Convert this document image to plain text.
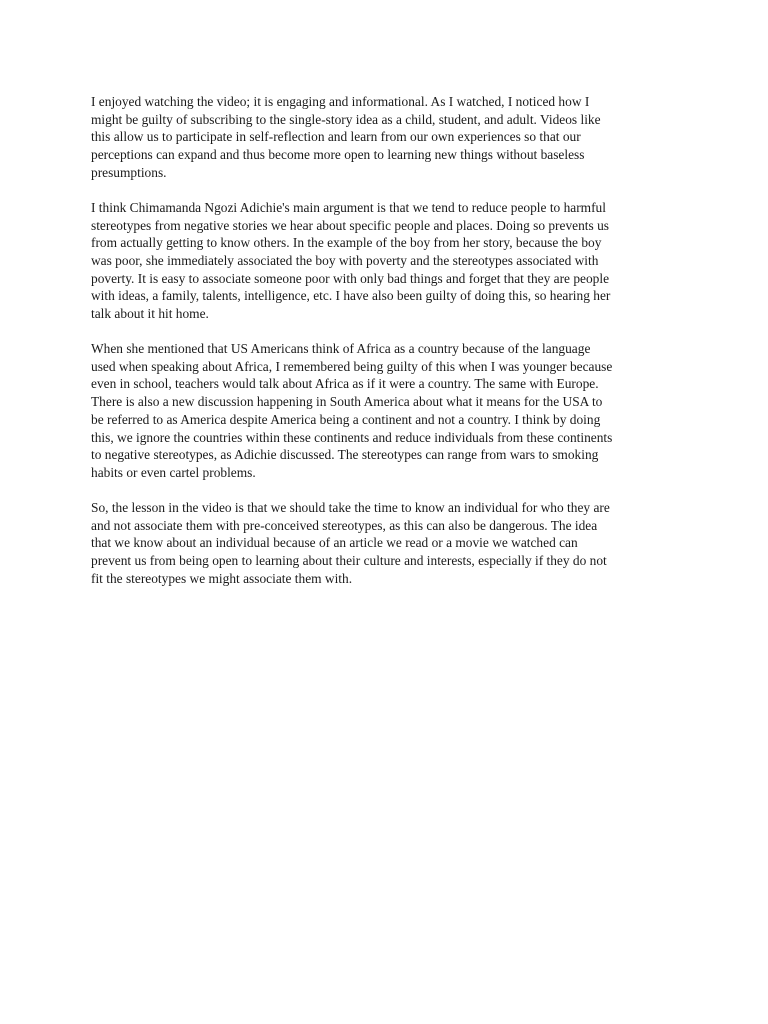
I enjoyed watching the video; it is engaging and informational. As I watched, I noticed how I
might be guilty of subscribing to the single-story idea as a child, student, and adult. Videos like
this allow us to participate in self-reflection and learn from our own experiences so that our
perceptions can expand and thus become more open to learning new things without baseless
presumptions.

I think Chimamanda Ngozi Adichie's main argument is that we tend to reduce people to harmful
stereotypes from negative stories we hear about specific people and places. Doing so prevents us
from actually getting to know others. In the example of the boy from her story, because the boy
was poor, she immediately associated the boy with poverty and the stereotypes associated with
poverty. It is easy to associate someone poor with only bad things and forget that they are people
with ideas, a family, talents, intelligence, etc. I have also been guilty of doing this, so hearing her
talk about it hit home.

When she mentioned that US Americans think of Africa as a country because of the language
used when speaking about Africa, I remembered being guilty of this when I was younger because
even in school, teachers would talk about Africa as if it were a country. The same with Europe.
There is also a new discussion happening in South America about what it means for the USA to
be referred to as America despite America being a continent and not a country. I think by doing
this, we ignore the countries within these continents and reduce individuals from these continents
to negative stereotypes, as Adichie discussed. The stereotypes can range from wars to smoking
habits or even cartel problems.

So, the lesson in the video is that we should take the time to know an individual for who they are
and not associate them with pre-conceived stereotypes, as this can also be dangerous. The idea
that we know about an individual because of an article we read or a movie we watched can
prevent us from being open to learning about their culture and interests, especially if they do not
fit the stereotypes we might associate them with.
